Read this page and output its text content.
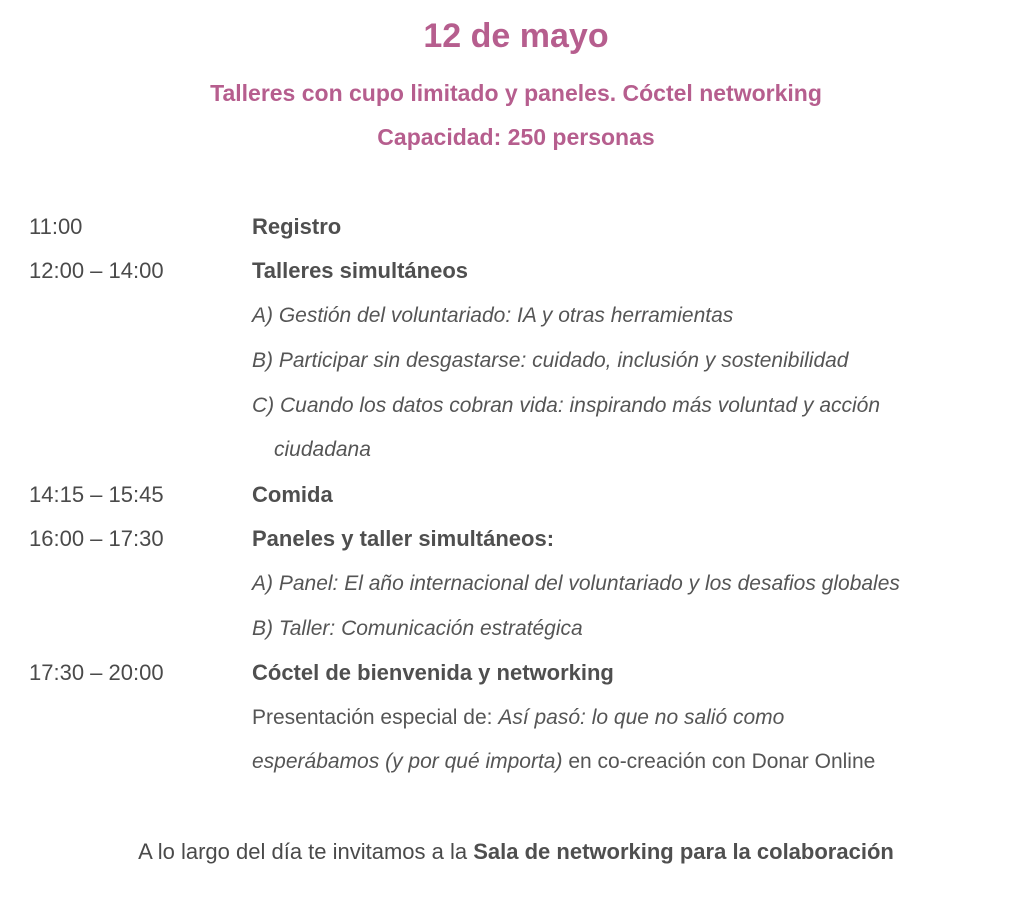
12 de mayo
Talleres con cupo limitado y paneles. Cóctel networking
Capacidad: 250 personas
11:00	Registro
12:00 – 14:00	Talleres simultáneos
A) Gestión del voluntariado: IA y otras herramientas
B) Participar sin desgastarse: cuidado, inclusión y sostenibilidad
C) Cuando los datos cobran vida: inspirando más voluntad y acción
ciudadana
14:15 – 15:45	Comida
16:00 – 17:30	Paneles y taller simultáneos:
A) Panel: El año internacional del voluntariado y los desafios globales
B) Taller: Comunicación estratégica
17:30 – 20:00	Cóctel de bienvenida y networking
Presentación especial de: Así pasó: lo que no salió como
esperábamos (y por qué importa) en co-creación con Donar Online
A lo largo del día te invitamos a la Sala de networking para la colaboración
